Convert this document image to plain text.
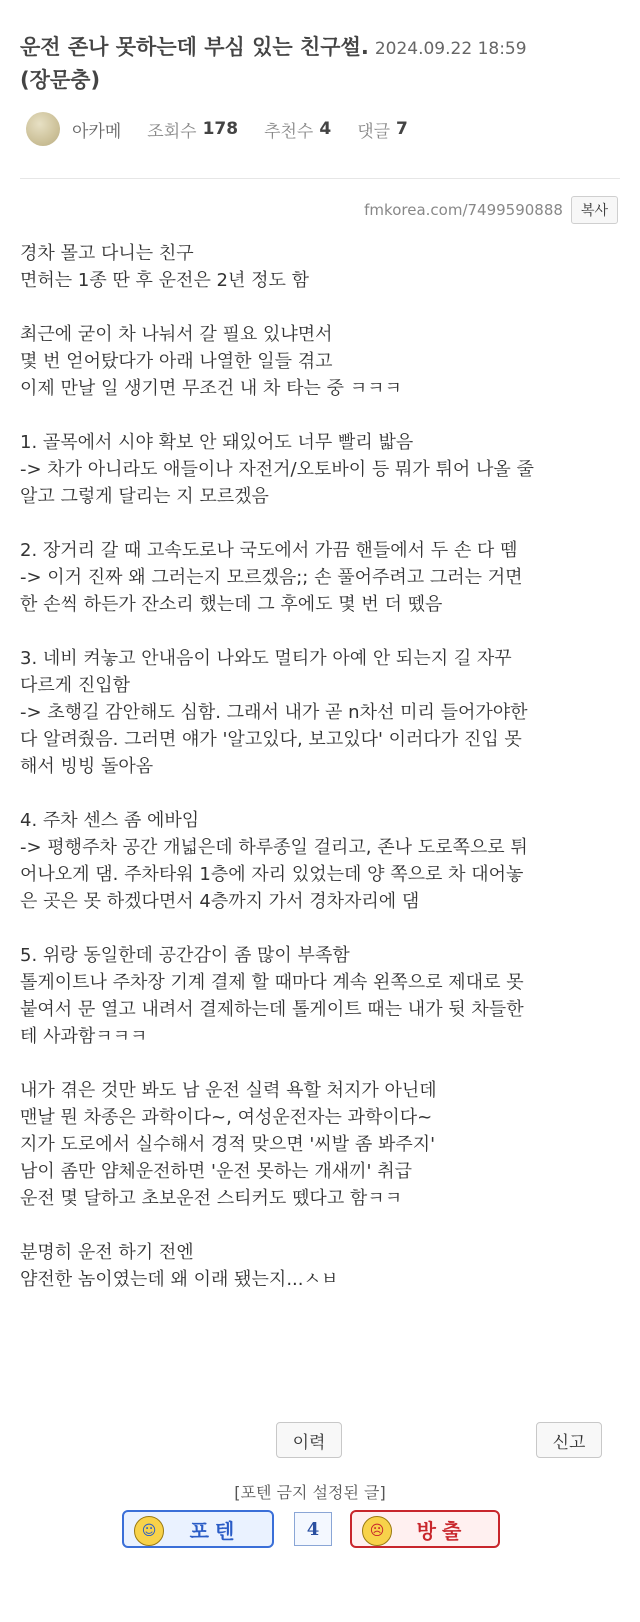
운전 존나 못하는데 부심 있는 친구썰. 2024.09.22 18:59
(장문충)
아카메 조회수 178 추천수 4 댓글 7
fmkorea.com/7499590888	복사

경차 몰고 다니는 친구
면허는 1종 딴 후 운전은 2년 정도 함

최근에 굳이 차 나눠서 갈 필요 있냐면서
몇 번 얻어탔다가 아래 나열한 일들 겪고
이제 만날 일 생기면 무조건 내 차 타는 중 ㅋㅋㅋ

1. 골목에서 시야 확보 안 돼있어도 너무 빨리 밟음
-> 차가 아니라도 애들이나 자전거/오토바이 등 뭐가 튀어 나올 줄
알고 그렇게 달리는 지 모르겠음

2. 장거리 갈 때 고속도로나 국도에서 가끔 핸들에서 두 손 다 뗌
-> 이거 진짜 왜 그러는지 모르겠음;; 손 풀어주려고 그러는 거면
한 손씩 하든가 잔소리 했는데 그 후에도 몇 번 더 뗐음

3. 네비 켜놓고 안내음이 나와도 멀티가 아예 안 되는지 길 자꾸
다르게 진입함
-> 초행길 감안해도 심함. 그래서 내가 곧 n차선 미리 들어가야한
다 알려줬음. 그러면 얘가 '알고있다, 보고있다' 이러다가 진입 못
해서 빙빙 돌아옴

4. 주차 센스 좀 에바임
-> 평행주차 공간 개넓은데 하루종일 걸리고, 존나 도로쪽으로 튀
어나오게 댐. 주차타워 1층에 자리 있었는데 양 쪽으로 차 대어놓
은 곳은 못 하겠다면서 4층까지 가서 경차자리에 댐

5. 위랑 동일한데 공간감이 좀 많이 부족함
톨게이트나 주차장 기계 결제 할 때마다 계속 왼쪽으로 제대로 못
붙여서 문 열고 내려서 결제하는데 톨게이트 때는 내가 뒷 차들한
테 사과함ㅋㅋㅋ

내가 겪은 것만 봐도 남 운전 실력 욕할 처지가 아닌데
맨날 뭔 차종은 과학이다~, 여성운전자는 과학이다~
지가 도로에서 실수해서 경적 맞으면 '씨발 좀 봐주지'
남이 좀만 얌체운전하면 '운전 못하는 개새끼' 취급
운전 몇 달하고 초보운전 스티커도 뗐다고 함ㅋㅋ

분명히 운전 하기 전엔
얌전한 놈이였는데 왜 이래 됐는지...ㅅㅂ

이력	신고
[포텐 금지 설정된 글]
☺	포텐	4	☹	방출
